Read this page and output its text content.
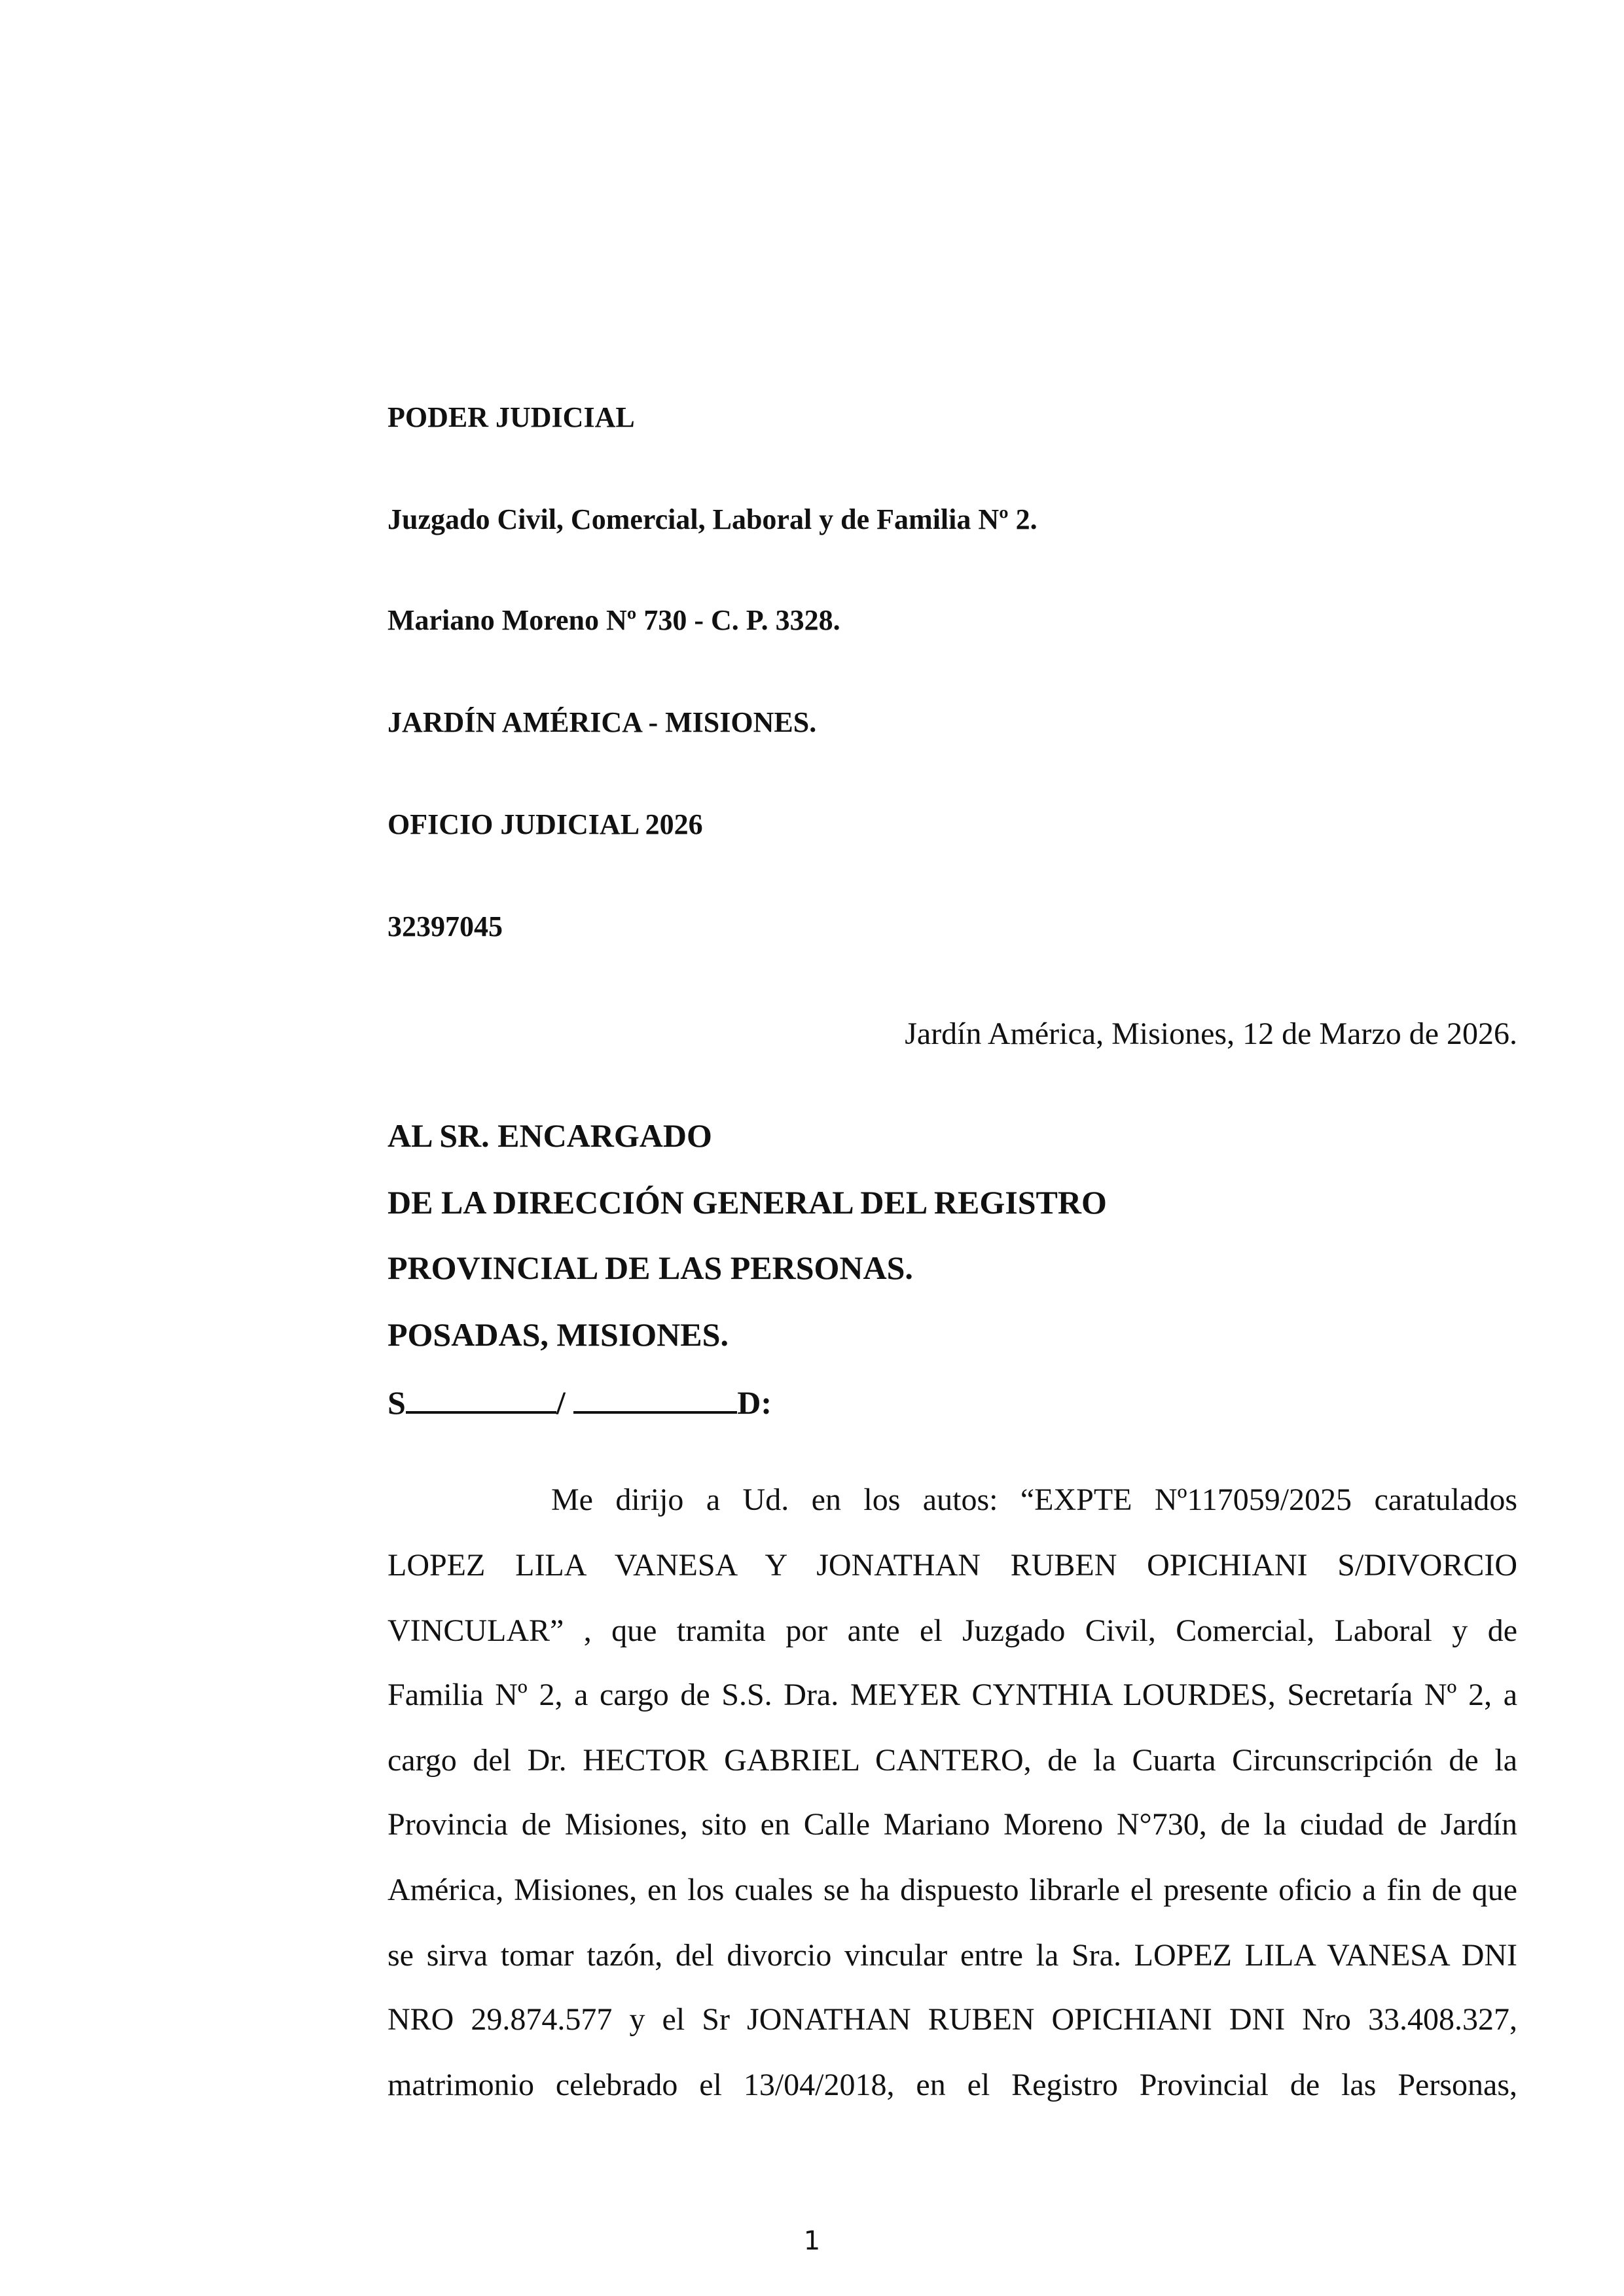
PODER JUDICIAL
Juzgado Civil, Comercial, Laboral y de Familia Nº 2.
Mariano Moreno Nº 730 - C. P. 3328.
JARDÍN AMÉRICA - MISIONES.
OFICIO JUDICIAL 2026
32397045
Jardín América, Misiones, 12 de Marzo de 2026.
AL SR. ENCARGADO
DE LA DIRECCIÓN GENERAL DEL REGISTRO
PROVINCIAL DE LAS PERSONAS.
POSADAS, MISIONES.
S	/	D:
Me dirijo a Ud. en los autos: “EXPTE Nº117059/2025 caratulados
LOPEZ LILA VANESA Y JONATHAN RUBEN OPICHIANI S/DIVORCIO
VINCULAR” , que tramita por ante el Juzgado Civil, Comercial, Laboral y de
Familia Nº 2, a cargo de S.S. Dra. MEYER CYNTHIA LOURDES, Secretaría Nº 2, a
cargo del Dr. HECTOR GABRIEL CANTERO, de la Cuarta Circunscripción de la
Provincia de Misiones, sito en Calle Mariano Moreno N°730, de la ciudad de Jardín
América, Misiones, en los cuales se ha dispuesto librarle el presente oficio a fin de que
se sirva tomar tazón, del divorcio vincular entre la Sra. LOPEZ LILA VANESA DNI
NRO 29.874.577 y el Sr JONATHAN RUBEN OPICHIANI DNI Nro 33.408.327,
matrimonio celebrado el 13/04/2018, en el Registro Provincial de las Personas,
1
